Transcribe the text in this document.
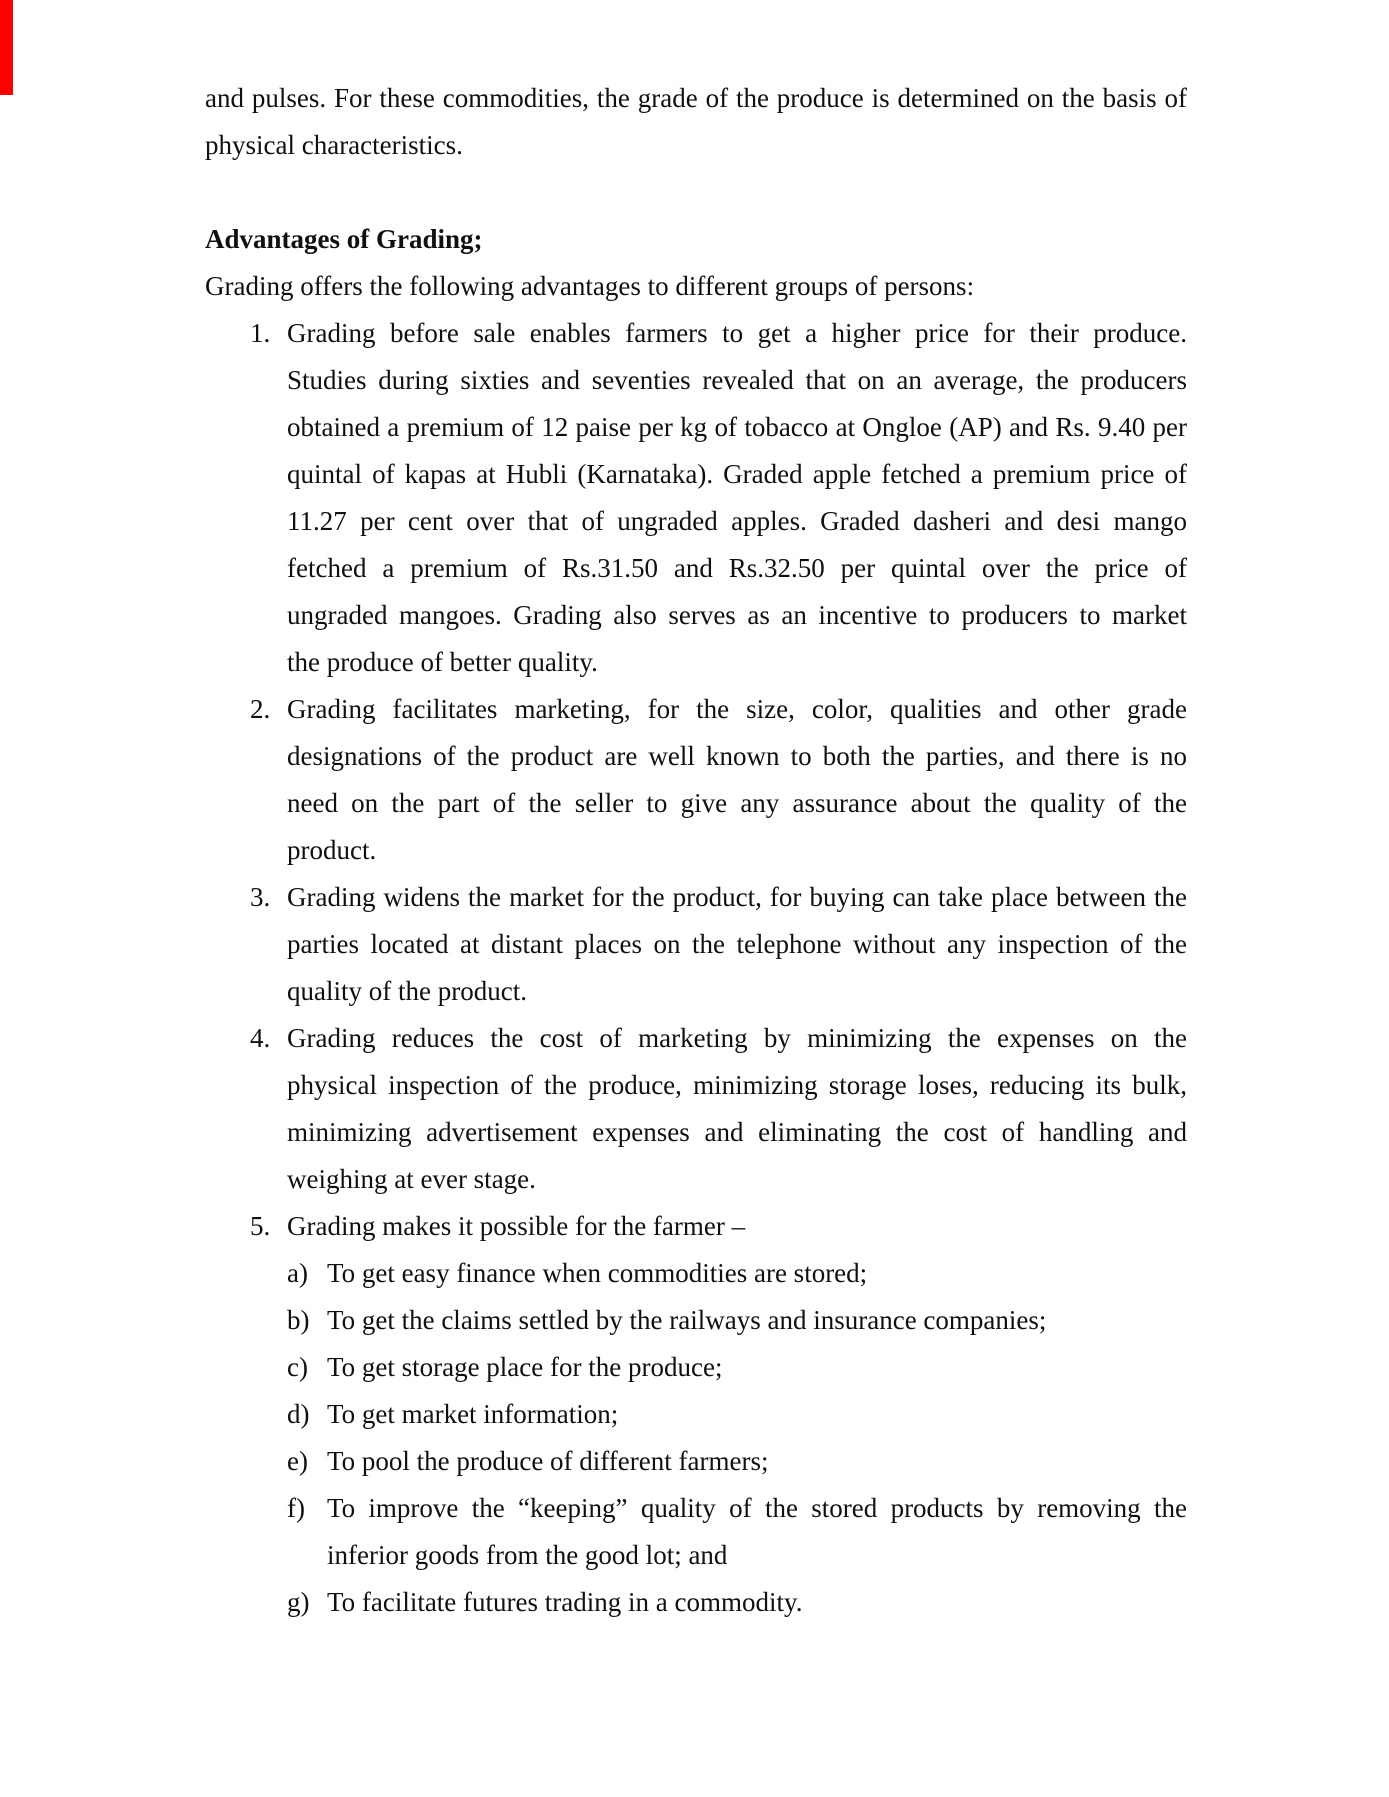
and pulses. For these commodities, the grade of the produce is determined on the basis of
physical characteristics.
Advantages of Grading;
Grading offers the following advantages to different groups of persons:
1. Grading before sale enables farmers to get a higher price for their produce.
Studies during sixties and seventies revealed that on an average, the producers
obtained a premium of 12 paise per kg of tobacco at Ongloe (AP) and Rs. 9.40 per
quintal of kapas at Hubli (Karnataka). Graded apple fetched a premium price of
11.27 per cent over that of ungraded apples. Graded dasheri and desi mango
fetched a premium of Rs.31.50 and Rs.32.50 per quintal over the price of
ungraded mangoes. Grading also serves as an incentive to producers to market
the produce of better quality.
2. Grading facilitates marketing, for the size, color, qualities and other grade
designations of the product are well known to both the parties, and there is no
need on the part of the seller to give any assurance about the quality of the
product.
3. Grading widens the market for the product, for buying can take place between the
parties located at distant places on the telephone without any inspection of the
quality of the product.
4. Grading reduces the cost of marketing by minimizing the expenses on the
physical inspection of the produce, minimizing storage loses, reducing its bulk,
minimizing advertisement expenses and eliminating the cost of handling and
weighing at ever stage.
5. Grading makes it possible for the farmer –
a) To get easy finance when commodities are stored;
b) To get the claims settled by the railways and insurance companies;
c) To get storage place for the produce;
d) To get market information;
e) To pool the produce of different farmers;
f) To improve the “keeping” quality of the stored products by removing the
inferior goods from the good lot; and
g) To facilitate futures trading in a commodity.
